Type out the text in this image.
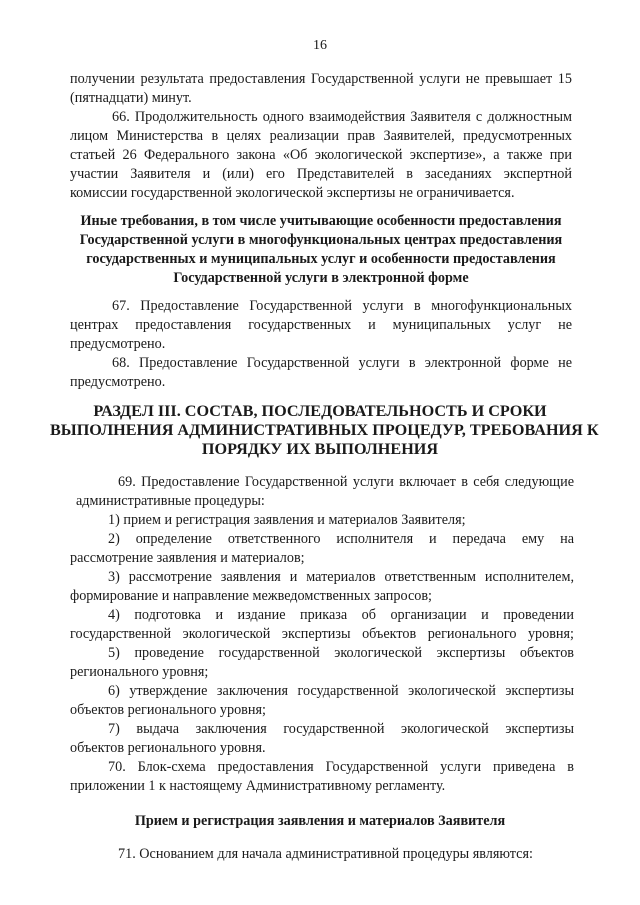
16
получении результата предоставления Государственной услуги не превышает 15
(пятнадцати) минут.
66. Продолжительность одного взаимодействия Заявителя с должностным
лицом Министерства в целях реализации прав Заявителей, предусмотренных
статьей 26 Федерального закона «Об экологической экспертизе», а также при
участии Заявителя и (или) его Представителей в заседаниях экспертной
комиссии государственной экологической экспертизы не ограничивается.
Иные требования, в том числе учитывающие особенности предоставления
Государственной услуги в многофункциональных центрах предоставления
государственных и муниципальных услуг и особенности предоставления
Государственной услуги в электронной форме
67. Предоставление Государственной услуги в многофункциональных
центрах предоставления государственных и муниципальных услуг не
предусмотрено.
68. Предоставление Государственной услуги в электронной форме не
предусмотрено.
РАЗДЕЛ III. СОСТАВ, ПОСЛЕДОВАТЕЛЬНОСТЬ И СРОКИ
ВЫПОЛНЕНИЯ АДМИНИСТРАТИВНЫХ ПРОЦЕДУР, ТРЕБОВАНИЯ К
ПОРЯДКУ ИХ ВЫПОЛНЕНИЯ
69. Предоставление Государственной услуги включает в себя следующие
административные процедуры:
1) прием и регистрация заявления и материалов Заявителя;
2) определение ответственного исполнителя и передача ему на
рассмотрение заявления и материалов;
3) рассмотрение заявления и материалов ответственным исполнителем,
формирование и направление межведомственных запросов;
4) подготовка и издание приказа об организации и проведении
государственной экологической экспертизы объектов регионального уровня;
5) проведение государственной экологической экспертизы объектов
регионального уровня;
6) утверждение заключения государственной экологической экспертизы
объектов регионального уровня;
7) выдача заключения государственной экологической экспертизы
объектов регионального уровня.
70. Блок-схема предоставления Государственной услуги приведена в
приложении 1 к настоящему Административному регламенту.
Прием и регистрация заявления и материалов Заявителя
71. Основанием для начала административной процедуры являются:
